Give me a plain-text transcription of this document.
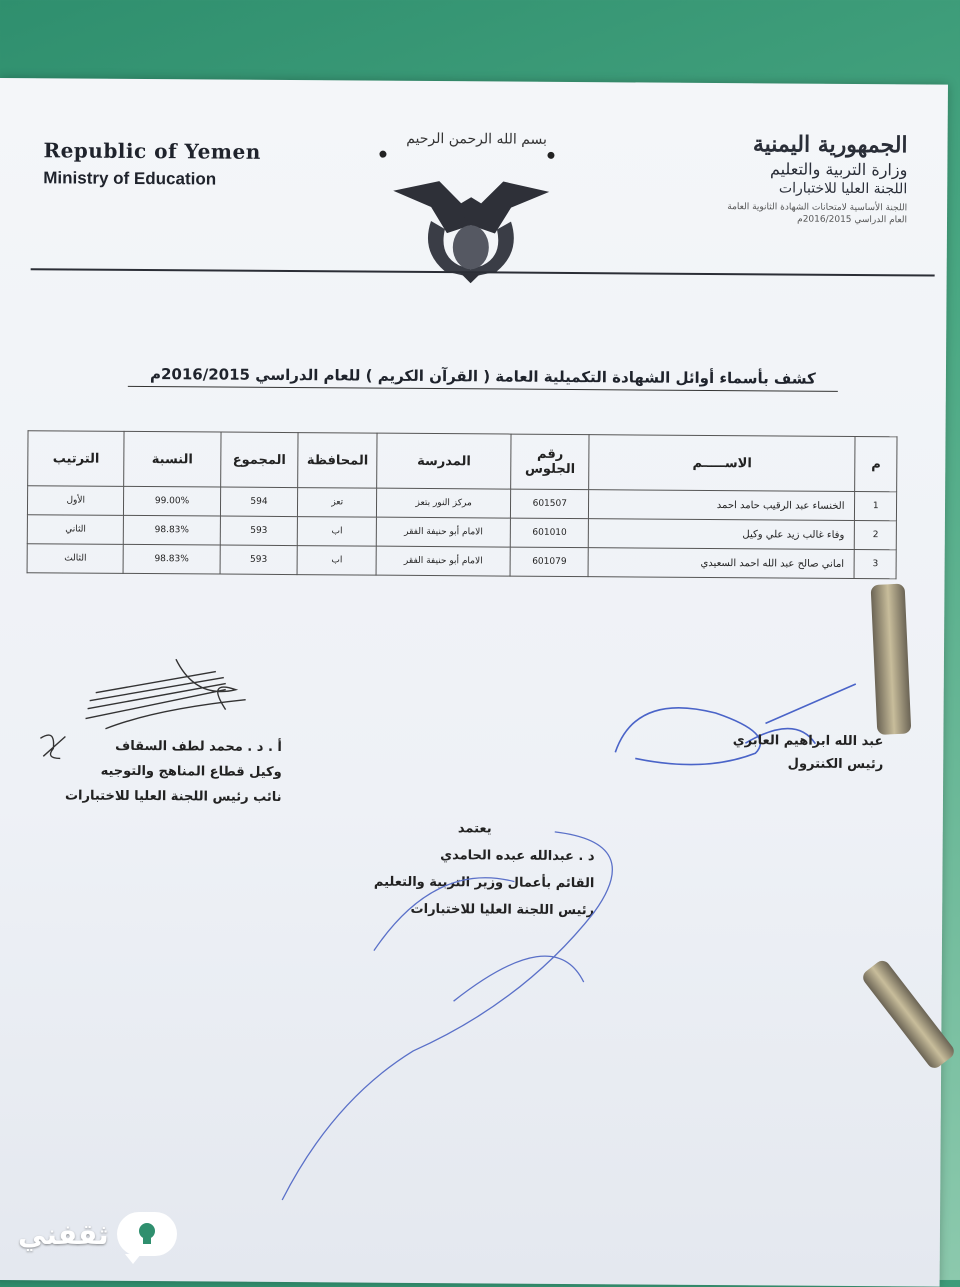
Republic of Yemen
Ministry of Education
بسم الله الرحمن الرحيم	الجمهورية اليمنية
وزارة التربية والتعليم
اللجنة العليا للاختبارات
اللجنة الأساسية لامتحانات الشهادة الثانوية العامة
العام الدراسي 2016/2015م
كشف بأسماء أوائل الشهادة التكميلية العامة ( القرآن الكريم ) للعام الدراسي 2016/2015م
م	الاســـــم	رقم الجلوس	المدرسة	المحافظة	المجموع	النسبة	الترتيب
1	الخنساء عبد الرقيب حامد احمد	601507	مركز النور بتعز	تعز	594	99.00%	الأول
2	وفاء غالب زيد علي وكيل	601010	الامام أبو حنيفة الفقر	اب	593	98.83%	الثاني
3	اماني صالح عبد الله احمد السعيدي	601079	الامام أبو حنيفة الفقر	اب	593	98.83%	الثالث
أ . د . محمد لطف السقاف
وكيل قطاع المناهج والتوجيه
نائب رئيس اللجنة العليا للاختبارات
عبد الله ابراهيم العابري
رئيس الكنترول
يعتمد
د . عبدالله عبده الحامدي
القائم بأعمال وزير التربية والتعليم
رئيس اللجنة العليا للاختبارات
ثقفني
